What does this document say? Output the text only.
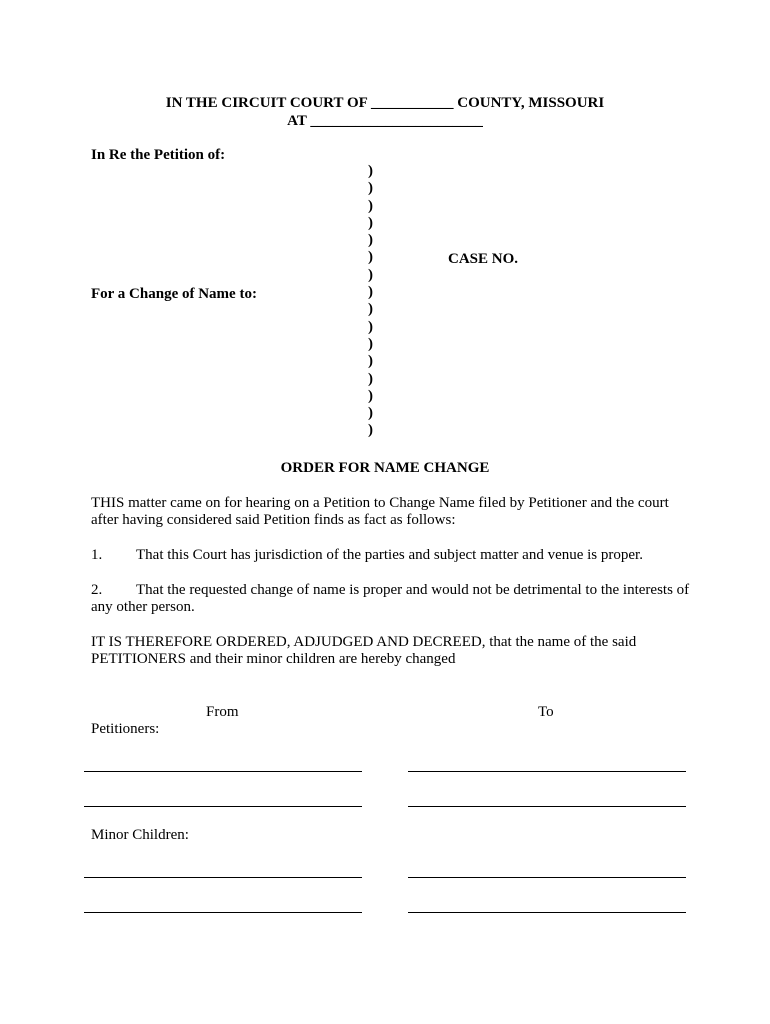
IN THE CIRCUIT COURT OF ___________ COUNTY, MISSOURI
AT _______________________
In Re the Petition of:
)
)
)
)
)
)
)
)
)
)
)
)
)
)
)
)
CASE NO.
For a Change of Name to:
ORDER FOR NAME CHANGE
THIS matter came on for hearing on a Petition to Change Name filed by Petitioner and the court after having considered said Petition finds as fact as follows:
1. That this Court has jurisdiction of the parties and subject matter and venue is proper.
2. That the requested change of name is proper and would not be detrimental to the interests of any other person.
IT IS THEREFORE ORDERED, ADJUDGED AND DECREED, that the name of the said PETITIONERS and their minor children are hereby changed
From	To
Petitioners:
Minor Children:
